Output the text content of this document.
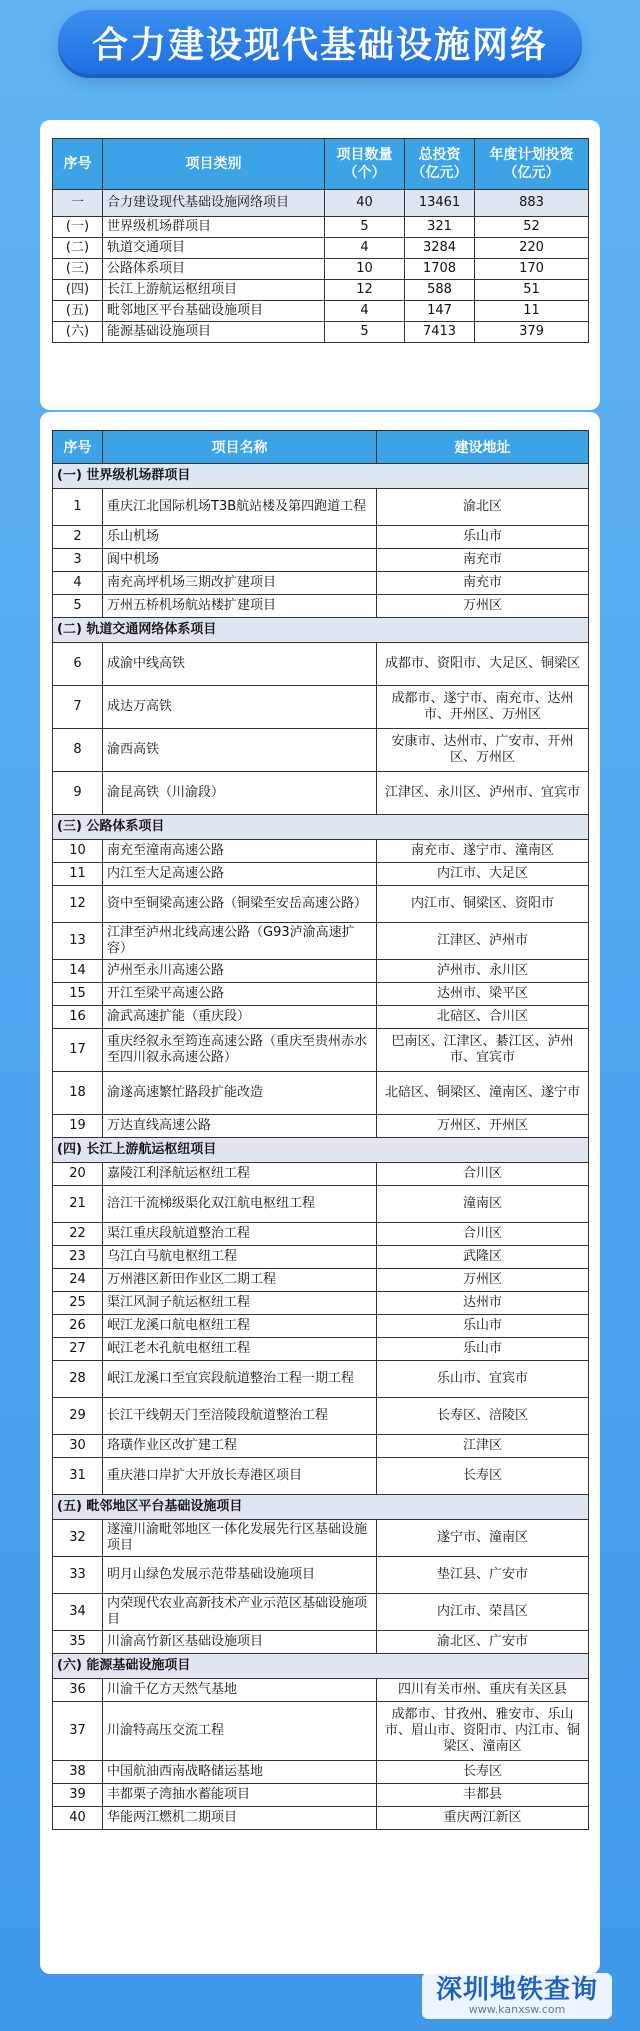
合力建设现代基础设施网络
序号	项目类别	项目数量（个）	总投资（亿元）	年度计划投资（亿元）
一	合力建设现代基础设施网络项目	40	13461	883
(一)	世界级机场群项目	5	321	52
(二)	轨道交通项目	4	3284	220
(三)	公路体系项目	10	1708	170
(四)	长江上游航运枢纽项目	12	588	51
(五)	毗邻地区平台基础设施项目	4	147	11
(六)	能源基础设施项目	5	7413	379
序号	项目名称	建设地址
(一) 世界级机场群项目		
1	重庆江北国际机场T3B航站楼及第四跑道工程	渝北区
2	乐山机场	乐山市
3	阆中机场	南充市
4	南充高坪机场三期改扩建项目	南充市
5	万州五桥机场航站楼扩建项目	万州区
(二) 轨道交通网络体系项目		
6	成渝中线高铁	成都市、资阳市、大足区、铜梁区
7	成达万高铁	成都市、遂宁市、南充市、达州市、开州区、万州区
8	渝西高铁	安康市、达州市、广安市、开州区、万州区
9	渝昆高铁（川渝段）	江津区、永川区、泸州市、宜宾市
(三) 公路体系项目		
10	南充至潼南高速公路	南充市、遂宁市、潼南区
11	内江至大足高速公路	内江市、大足区
12	资中至铜梁高速公路（铜梁至安岳高速公路）	内江市、铜梁区、资阳市
13	江津至泸州北线高速公路（G93泸渝高速扩容）	江津区、泸州市
14	泸州至永川高速公路	泸州市、永川区
15	开江至梁平高速公路	达州市、梁平区
16	渝武高速扩能（重庆段）	北碚区、合川区
17	重庆经叙永至筠连高速公路（重庆至贵州赤水至四川叙永高速公路）	巴南区、江津区、綦江区、泸州市、宜宾市
18	渝遂高速繁忙路段扩能改造	北碚区、铜梁区、潼南区、遂宁市
19	万达直线高速公路	万州区、开州区
(四) 长江上游航运枢纽项目		
20	嘉陵江利泽航运枢纽工程	合川区
21	涪江干流梯级渠化双江航电枢纽工程	潼南区
22	渠江重庆段航道整治工程	合川区
23	乌江白马航电枢纽工程	武隆区
24	万州港区新田作业区二期工程	万州区
25	渠江风洞子航运枢纽工程	达州市
26	岷江龙溪口航电枢纽工程	乐山市
27	岷江老木孔航电枢纽工程	乐山市
28	岷江龙溪口至宜宾段航道整治工程一期工程	乐山市、宜宾市
29	长江干线朝天门至涪陵段航道整治工程	长寿区、涪陵区
30	珞璜作业区改扩建工程	江津区
31	重庆港口岸扩大开放长寿港区项目	长寿区
(五) 毗邻地区平台基础设施项目		
32	遂潼川渝毗邻地区一体化发展先行区基础设施项目	遂宁市、潼南区
33	明月山绿色发展示范带基础设施项目	垫江县、广安市
34	内荣现代农业高新技术产业示范区基础设施项目	内江市、荣昌区
35	川渝高竹新区基础设施项目	渝北区、广安市
(六) 能源基础设施项目		
36	川渝千亿方天然气基地	四川有关市州、重庆有关区县
37	川渝特高压交流工程	成都市、甘孜州、雅安市、乐山市、眉山市、资阳市、内江市、铜梁区、潼南区
38	中国航油西南战略储运基地	长寿区
39	丰都栗子湾抽水蓄能项目	丰都县
40	华能两江燃机二期项目	重庆两江新区
深圳地铁查询
www.kanxsw.com
